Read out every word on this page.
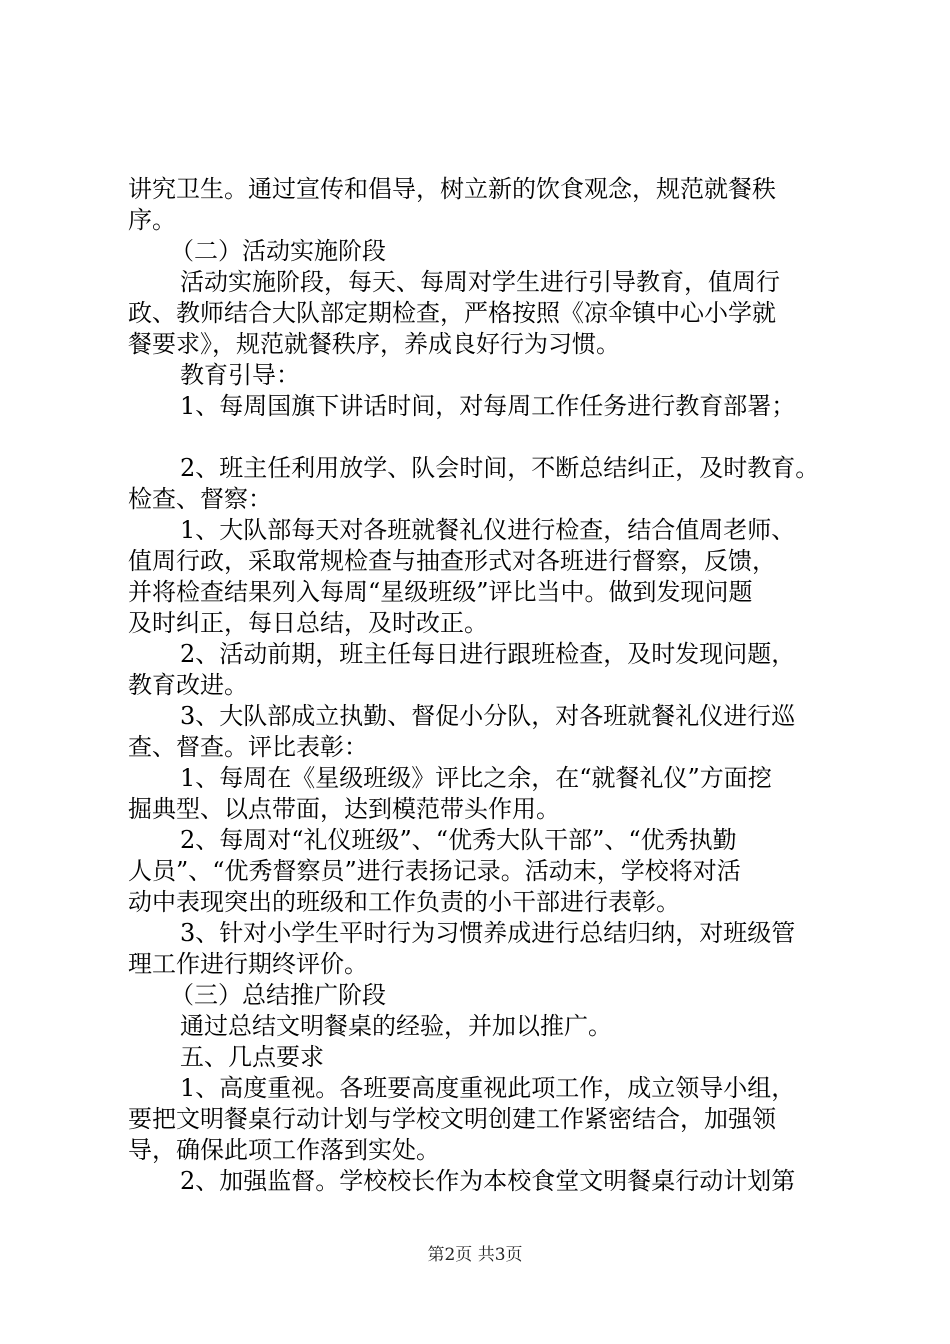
讲究卫生。通过宣传和倡导，树立新的饮食观念，规范就餐秩
序。
（二）活动实施阶段
活动实施阶段，每天、每周对学生进行引导教育，值周行
政、教师结合大队部定期检查，严格按照《凉伞镇中心小学就
餐要求》，规范就餐秩序，养成良好行为习惯。
教育引导：
1、每周国旗下讲话时间，对每周工作任务进行教育部署；
2、班主任利用放学、队会时间，不断总结纠正，及时教育。
检查、督察：
1、大队部每天对各班就餐礼仪进行检查，结合值周老师、
值周行政，采取常规检查与抽查形式对各班进行督察，反馈，
并将检查结果列入每周“星级班级”评比当中。做到发现问题
及时纠正，每日总结，及时改正。
2、活动前期，班主任每日进行跟班检查，及时发现问题，
教育改进。
3、大队部成立执勤、督促小分队，对各班就餐礼仪进行巡
查、督查。评比表彰：
1、每周在《星级班级》评比之余，在“就餐礼仪”方面挖
掘典型、以点带面，达到模范带头作用。
2、每周对“礼仪班级”、“优秀大队干部”、“优秀执勤
人员”、“优秀督察员”进行表扬记录。活动末，学校将对活
动中表现突出的班级和工作负责的小干部进行表彰。
3、针对小学生平时行为习惯养成进行总结归纳，对班级管
理工作进行期终评价。
（三）总结推广阶段
通过总结文明餐桌的经验，并加以推广。
五、几点要求
1、高度重视。各班要高度重视此项工作，成立领导小组，
要把文明餐桌行动计划与学校文明创建工作紧密结合，加强领
导，确保此项工作落到实处。
2、加强监督。学校校长作为本校食堂文明餐桌行动计划第
第2页 共3页
